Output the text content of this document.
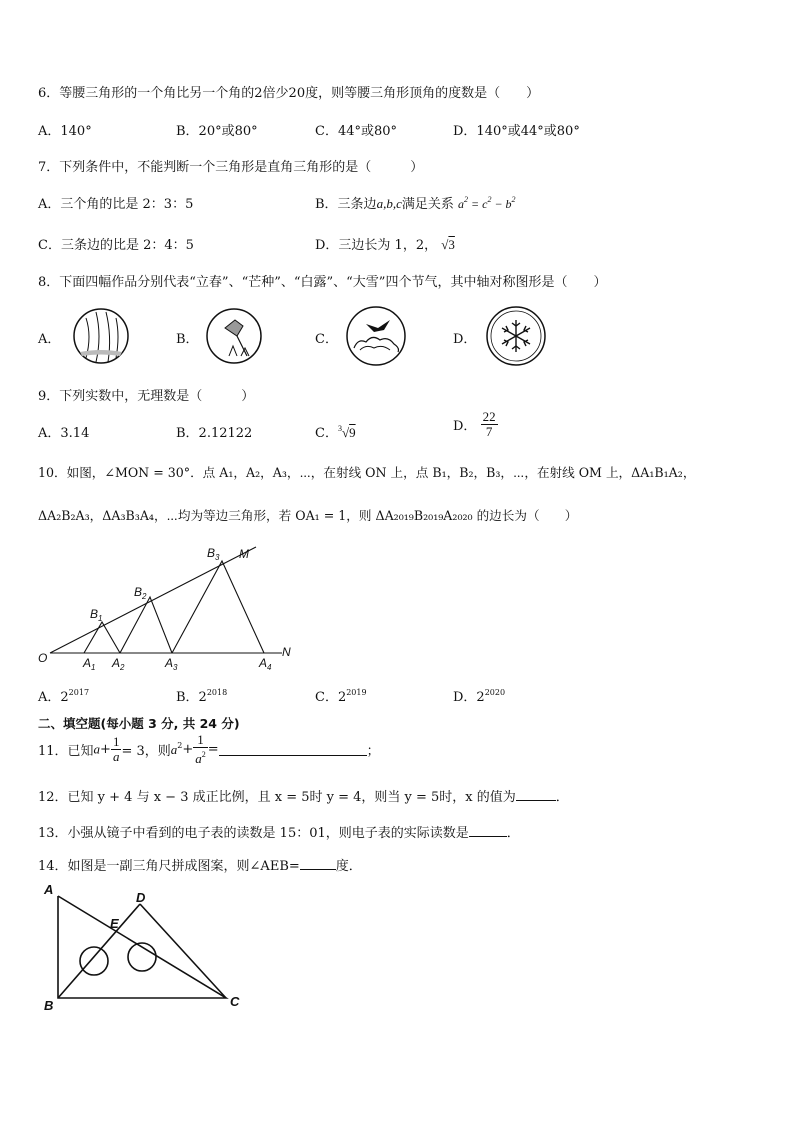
6．等腰三角形的一个角比另一个角的2倍少20度，则等腰三角形顶角的度数是（　　）
A．140°	B．20°或80°	C．44°或80°	D．140°或44°或80°
7．下列条件中，不能判断一个三角形是直角三角形的是（　　　）
A．三个角的比是 2：3：5	B．三条边a,b,c满足关系 $a^2 = c^2 - b^2$
C．三条边的比是 2：4：5	D．三边长为 1，2， √3
8．下面四幅作品分别代表“立春”、“芒种”、“白露”、“大雪”四个节气，其中轴对称图形是（　　）
A．	B．	C．	D．
9．下列实数中，无理数是（　　　）
A．3.14	B．2.12122	C．$^3$√9	D． $\frac{22}{7}$
10．如图，∠MON = 30°．点 A₁，A₂，A₃，⋯，在射线 ON 上，点 B₁，B₂，B₃，⋯，在射线 OM 上，ΔA₁B₁A₂，
ΔA₂B₂A₃，ΔA₃B₃A₄，⋯均为等边三角形，若 OA₁ = 1，则 ΔA₂₀₁₉B₂₀₁₉A₂₀₂₀ 的边长为（　　）
O
M
N
B 1
B 2
B 3
A 1 A 2	A 3	A 4
A．$2^{2017}$	B．$2^{2018}$	C．$2^{2019}$	D．$2^{2020}$
二、填空题(每小题 3 分, 共 24 分)
11．已知$a+ \frac{1}{a} = 3$，则$a^2+ \frac{1}{a^2}$ =	；
12．已知 y + 4 与 x − 3 成正比例，且 x = 5时 y = 4，则当 y = 5时，x 的值为	．
13．小强从镜子中看到的电子表的读数是 15：01，则电子表的实际读数是	．
14．如图是一副三角尺拼成图案，则∠AEB=	度．
A
B	C
D
E
